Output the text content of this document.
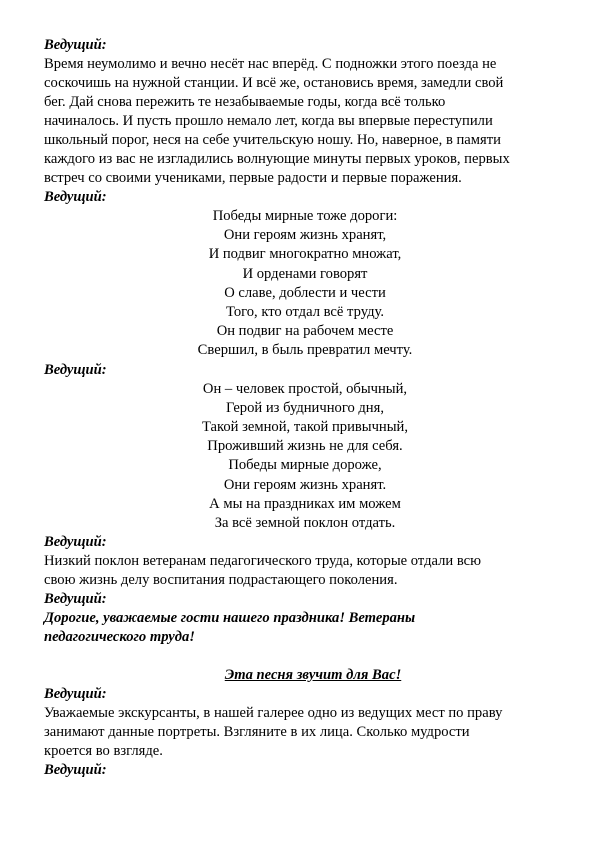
Ведущий:
Время неумолимо и вечно несёт нас вперёд. С подножки этого поезда не
соскочишь на нужной станции. И всё же, остановись время, замедли свой
бег. Дай снова пережить те незабываемые годы, когда всё только
начиналось. И пусть прошло немало лет, когда вы впервые переступили
школьный порог, неся на себе учительскую ношу. Но, наверное, в памяти
каждого из вас не изгладились волнующие минуты первых уроков, первых
встреч со своими учениками, первые радости и первые поражения.
Ведущий:
Победы мирные тоже дороги:
Они героям жизнь хранят,
И подвиг многократно множат,
И орденами говорят
О славе, доблести и чести
Того, кто отдал всё труду.
Он подвиг на рабочем месте
Свершил, в быль превратил мечту.
Ведущий:
Он – человек простой, обычный,
Герой из будничного дня,
Такой земной, такой привычный,
Проживший жизнь не для себя.
Победы мирные дороже,
Они героям жизнь хранят.
А мы на праздниках им можем
За всё земной поклон отдать.
Ведущий:
Низкий поклон ветеранам педагогического труда, которые отдали всю
свою жизнь делу воспитания подрастающего поколения.
Ведущий:
Дорогие, уважаемые гости нашего праздника! Ветераны
педагогического труда!
Эта песня звучит для Вас!
Ведущий:
Уважаемые экскурсанты, в нашей галерее одно из ведущих мест по праву
занимают данные портреты. Взгляните в их лица. Сколько мудрости
кроется во взгляде.
Ведущий:
